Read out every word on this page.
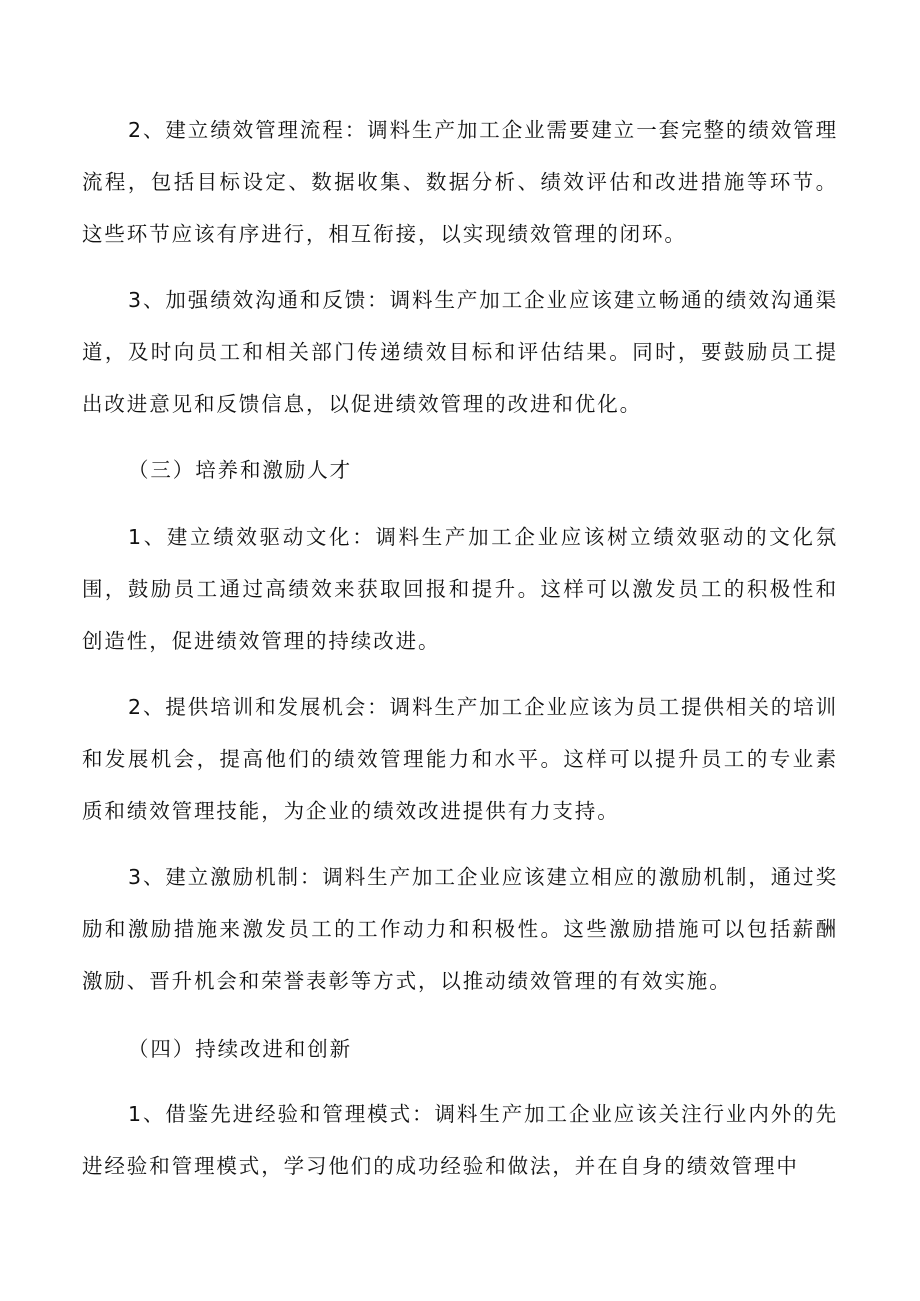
2、建立绩效管理流程：调料生产加工企业需要建立一套完整的绩效管理流程，包括目标设定、数据收集、数据分析、绩效评估和改进措施等环节。这些环节应该有序进行，相互衔接，以实现绩效管理的闭环。

3、加强绩效沟通和反馈：调料生产加工企业应该建立畅通的绩效沟通渠道，及时向员工和相关部门传递绩效目标和评估结果。同时，要鼓励员工提出改进意见和反馈信息，以促进绩效管理的改进和优化。

（三）培养和激励人才

1、建立绩效驱动文化：调料生产加工企业应该树立绩效驱动的文化氛围，鼓励员工通过高绩效来获取回报和提升。这样可以激发员工的积极性和创造性，促进绩效管理的持续改进。

2、提供培训和发展机会：调料生产加工企业应该为员工提供相关的培训和发展机会，提高他们的绩效管理能力和水平。这样可以提升员工的专业素质和绩效管理技能，为企业的绩效改进提供有力支持。

3、建立激励机制：调料生产加工企业应该建立相应的激励机制，通过奖励和激励措施来激发员工的工作动力和积极性。这些激励措施可以包括薪酬激励、晋升机会和荣誉表彰等方式，以推动绩效管理的有效实施。

（四）持续改进和创新

1、借鉴先进经验和管理模式：调料生产加工企业应该关注行业内外的先进经验和管理模式，学习他们的成功经验和做法，并在自身的绩效管理中
